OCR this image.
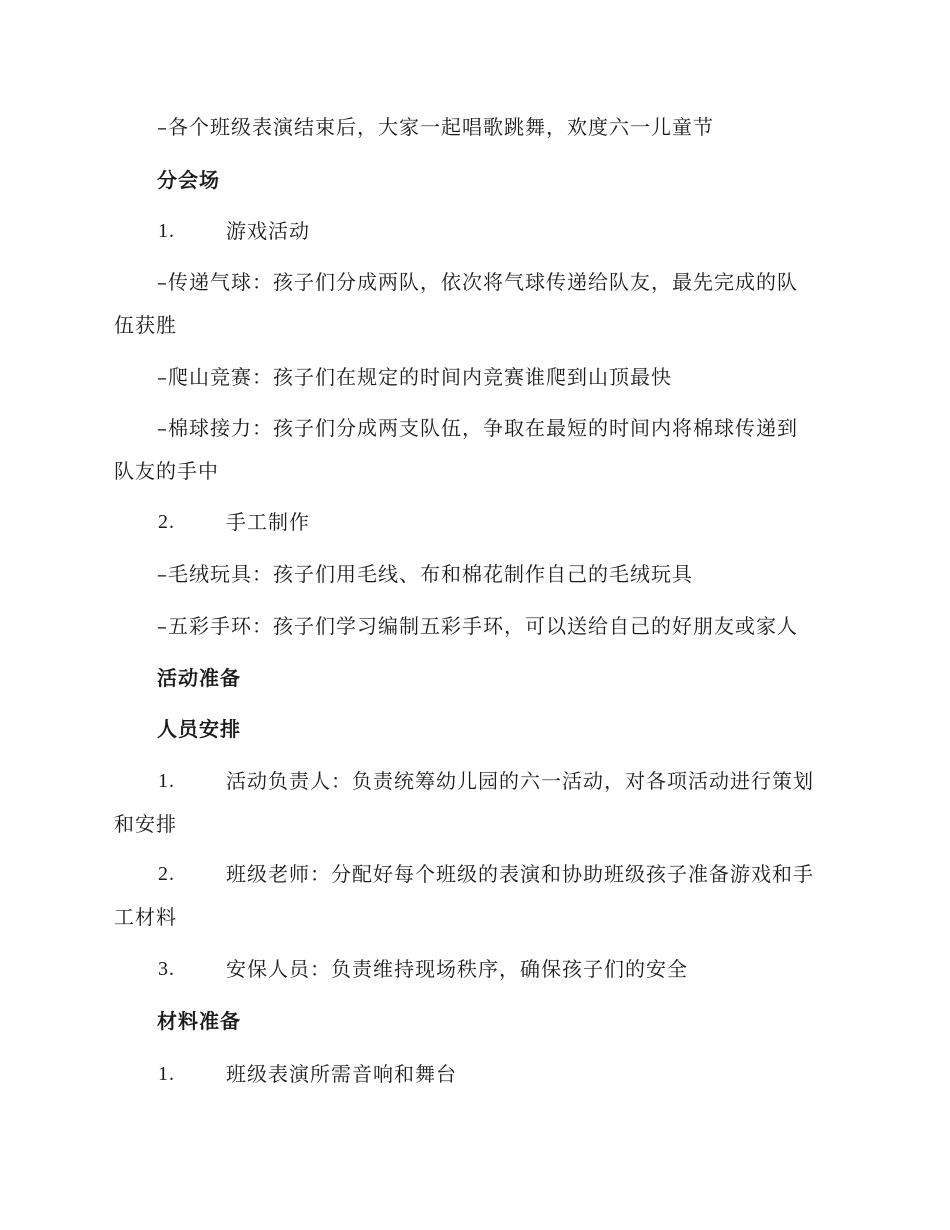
–各个班级表演结束后，大家一起唱歌跳舞，欢度六一儿童节
分会场
1.	游戏活动
–传递气球：孩子们分成两队，依次将气球传递给队友，最先完成的队
伍获胜
–爬山竞赛：孩子们在规定的时间内竞赛谁爬到山顶最快
–棉球接力：孩子们分成两支队伍，争取在最短的时间内将棉球传递到
队友的手中
2.	手工制作
–毛绒玩具：孩子们用毛线、布和棉花制作自己的毛绒玩具
–五彩手环：孩子们学习编制五彩手环，可以送给自己的好朋友或家人
活动准备
人员安排
1.	活动负责人：负责统筹幼儿园的六一活动，对各项活动进行策划
和安排
2.	班级老师：分配好每个班级的表演和协助班级孩子准备游戏和手
工材料
3.	安保人员：负责维持现场秩序，确保孩子们的安全
材料准备
1.	班级表演所需音响和舞台
